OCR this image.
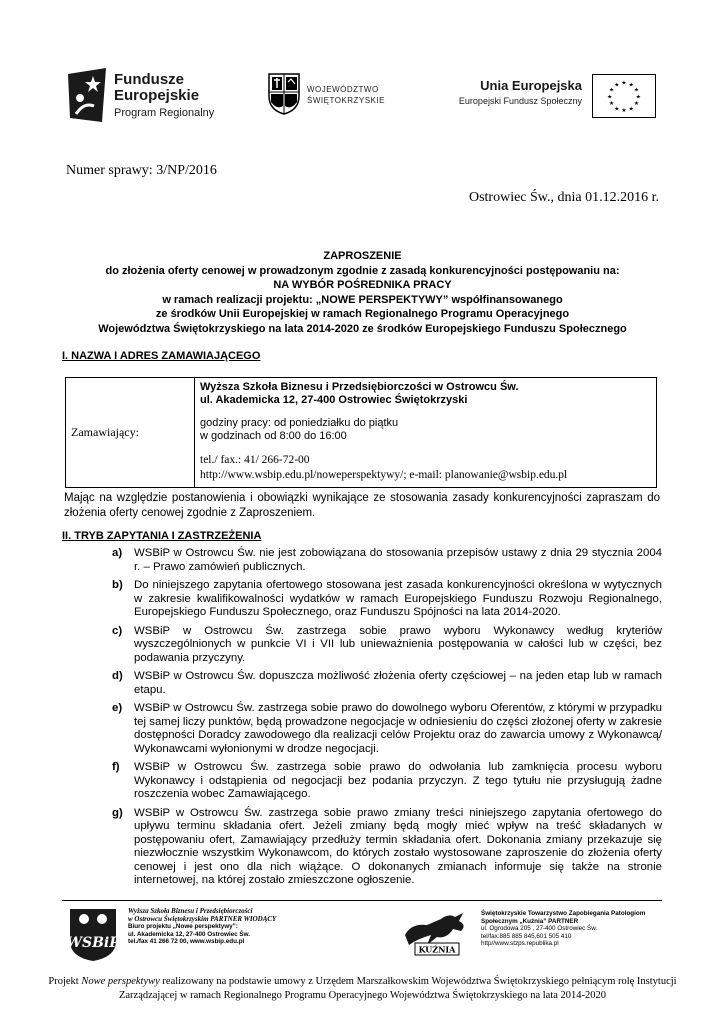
Fundusze
Europejskie
Program Regionalny
WOJEWÓDZTWO
ŚWIĘTOKRZYSKIE
Unia Europejska
Europejski Fundusz Społeczny
★ ★
★
★
★
★
★
★
★
★
★
★
Numer sprawy: 3/NP/2016
Ostrowiec Św., dnia 01.12.2016 r.
ZAPROSZENIE
do złożenia oferty cenowej w prowadzonym zgodnie z zasadą konkurencyjności postępowaniu na:
NA WYBÓR POŚREDNIKA PRACY
w ramach realizacji projektu: „NOWE PERSPEKTYWY” współfinansowanego
ze środków Unii Europejskiej w ramach Regionalnego Programu Operacyjnego
Województwa Świętokrzyskiego na lata 2014-2020 ze środków Europejskiego Funduszu Społecznego
I. NAZWA I ADRES ZAMAWIAJĄCEGO
Zamawiający:
Wyższa Szkoła Biznesu i Przedsiębiorczości w Ostrowcu Św.
ul. Akademicka 12, 27-400 Ostrowiec Świętokrzyski
godziny pracy: od poniedziałku do piątku
w godzinach od 8:00 do 16:00
tel./ fax.: 41/ 266-72-00
http://www.wsbip.edu.pl/noweperspektywy/; e-mail: planowanie@wsbip.edu.pl
Mając na względzie postanowienia i obowiązki wynikające ze stosowania zasady konkurencyjności zapraszam do złożenia oferty cenowej zgodnie z Zaproszeniem.
II. TRYB ZAPYTANIA I ZASTRZEŻENIA
a)	WSBiP w Ostrowcu Św. nie jest zobowiązana do stosowania przepisów ustawy z dnia 29 stycznia 2004 r. – Prawo zamówień publicznych.
b) Do niniejszego zapytania ofertowego stosowana jest zasada konkurencyjności określona w wytycznych w zakresie kwalifikowalności wydatków w ramach Europejskiego Funduszu Rozwoju Regionalnego, Europejskiego Funduszu Społecznego, oraz Funduszu Spójności na lata 2014-2020.
c)	WSBiP w Ostrowcu Św. zastrzega sobie prawo wyboru Wykonawcy według kryteriów wyszczególnionych w punkcie VI i VII lub unieważnienia postępowania w całości lub w części, bez podawania przyczyny.
d) WSBiP w Ostrowcu Św. dopuszcza możliwość złożenia oferty częściowej – na jeden etap lub w ramach etapu.
e)	WSBiP w Ostrowcu Św. zastrzega sobie prawo do dowolnego wyboru Oferentów, z którymi w przypadku tej samej liczy punktów, będą prowadzone negocjacje w odniesieniu do części złożonej oferty w zakresie dostępności Doradcy zawodowego dla realizacji celów Projektu oraz do zawarcia umowy z Wykonawcą/ Wykonawcami wyłonionymi w drodze negocjacji.
f)	WSBiP w Ostrowcu Św. zastrzega sobie prawo do odwołania lub zamknięcia procesu wyboru Wykonawcy i odstąpienia od negocjacji bez podania przyczyn. Z tego tytułu nie przysługują żadne roszczenia wobec Zamawiającego.
g) WSBiP w Ostrowcu Św. zastrzega sobie prawo zmiany treści niniejszego zapytania ofertowego do upływu terminu składania ofert. Jeżeli zmiany będą mogły mieć wpływ na treść składanych w postępowaniu ofert, Zamawiający przedłuży termin składania ofert. Dokonania zmiany przekazuje się niezwłocznie wszystkim Wykonawcom, do których zostało wystosowane zaproszenie do złożenia oferty cenowej i jest ono dla nich wiążące. O dokonanych zmianach informuje się także na stronie internetowej, na której zostało zmieszczone ogłoszenie.
WSBiP
Wyższa Szkoła Biznesu i Przedsiębiorczości
w Ostrowcu Świętokrzyskim PARTNER WIODĄCY
Biuro projektu „Nowe perspektywy”:
ul. Akademicka 12, 27-400 Ostrowiec Św.
tel./fax 41 266 72 00, www.wsbip.edu.pl
KUŹNIA
Świętokrzyskie Towarzystwo Zapobiegania Patologiom
Społecznym „Kuźnia” PARTNER
ul. Ogrodowa 205 , 27-400 Ostrowiec Św.
tel/fax:885 885 845,601 505 410
http//www.stzps.republika.pl
Projekt Nowe perspektywy realizowany na podstawie umowy z Urzędem Marszałkowskim Województwa Świętokrzyskiego pełniącym rolę Instytucji Zarządzającej w ramach Regionalnego Programu Operacyjnego Województwa Świętokrzyskiego na lata 2014-2020
